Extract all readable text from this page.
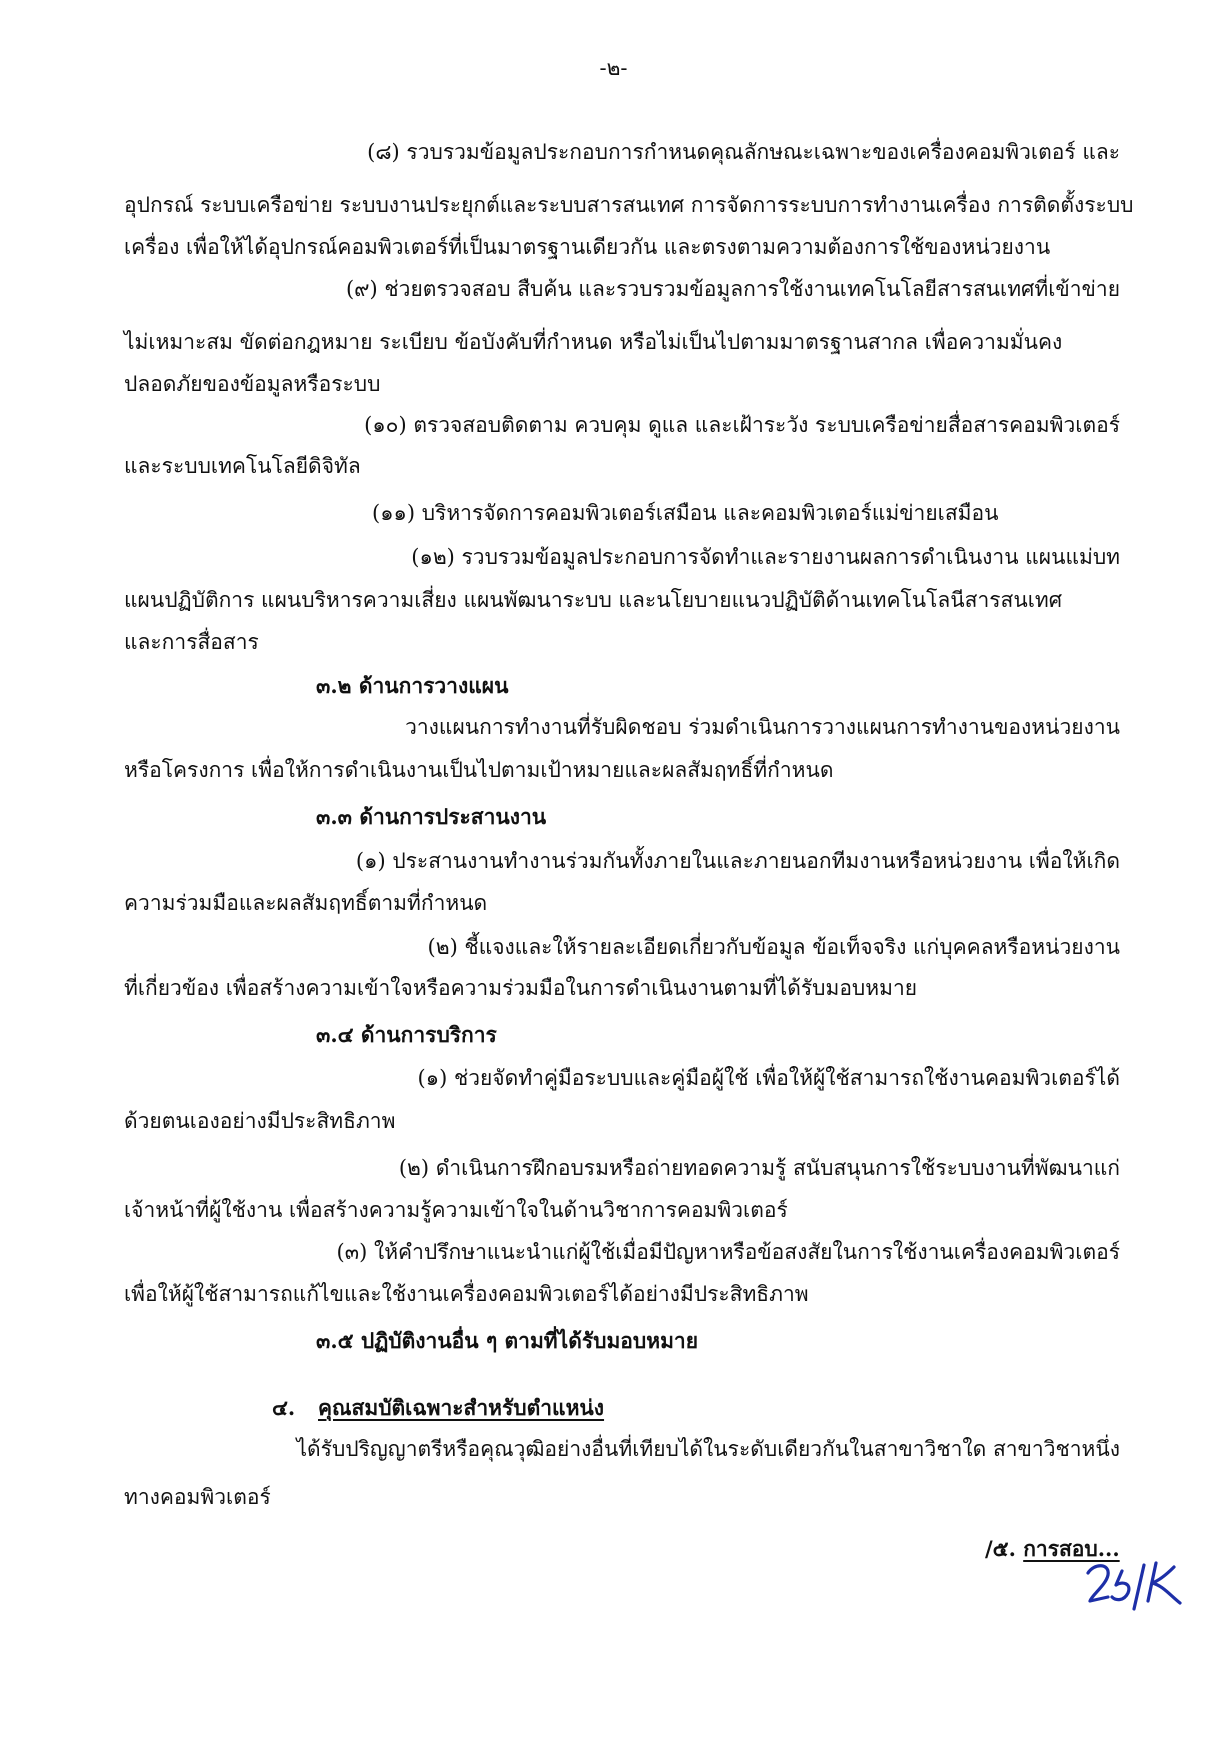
-๒-
(๘) รวบรวมข้อมูลประกอบการกำหนดคุณลักษณะเฉพาะของเครื่องคอมพิวเตอร์ และ
อุปกรณ์ ระบบเครือข่าย ระบบงานประยุกต์และระบบสารสนเทศ การจัดการระบบการทำงานเครื่อง การติดตั้งระบบ
เครื่อง เพื่อให้ได้อุปกรณ์คอมพิวเตอร์ที่เป็นมาตรฐานเดียวกัน และตรงตามความต้องการใช้ของหน่วยงาน
(๙) ช่วยตรวจสอบ สืบค้น และรวบรวมข้อมูลการใช้งานเทคโนโลยีสารสนเทศที่เข้าข่าย
ไม่เหมาะสม ขัดต่อกฎหมาย ระเบียบ ข้อบังคับที่กำหนด หรือไม่เป็นไปตามมาตรฐานสากล เพื่อความมั่นคง
ปลอดภัยของข้อมูลหรือระบบ
(๑๐) ตรวจสอบติดตาม ควบคุม ดูแล และเฝ้าระวัง ระบบเครือข่ายสื่อสารคอมพิวเตอร์
และระบบเทคโนโลยีดิจิทัล
(๑๑) บริหารจัดการคอมพิวเตอร์เสมือน และคอมพิวเตอร์แม่ข่ายเสมือน
(๑๒) รวบรวมข้อมูลประกอบการจัดทำและรายงานผลการดำเนินงาน แผนแม่บท
แผนปฏิบัติการ แผนบริหารความเสี่ยง แผนพัฒนาระบบ และนโยบายแนวปฏิบัติด้านเทคโนโลนีสารสนเทศ
และการสื่อสาร
๓.๒ ด้านการวางแผน
วางแผนการทำงานที่รับผิดชอบ ร่วมดำเนินการวางแผนการทำงานของหน่วยงาน
หรือโครงการ เพื่อให้การดำเนินงานเป็นไปตามเป้าหมายและผลสัมฤทธิ์ที่กำหนด
๓.๓ ด้านการประสานงาน
(๑) ประสานงานทำงานร่วมกันทั้งภายในและภายนอกทีมงานหรือหน่วยงาน เพื่อให้เกิด
ความร่วมมือและผลสัมฤทธิ์ตามที่กำหนด
(๒) ชี้แจงและให้รายละเอียดเกี่ยวกับข้อมูล ข้อเท็จจริง แก่บุคคลหรือหน่วยงาน
ที่เกี่ยวข้อง เพื่อสร้างความเข้าใจหรือความร่วมมือในการดำเนินงานตามที่ได้รับมอบหมาย
๓.๔ ด้านการบริการ
(๑) ช่วยจัดทำคู่มือระบบและคู่มือผู้ใช้ เพื่อให้ผู้ใช้สามารถใช้งานคอมพิวเตอร์ได้
ด้วยตนเองอย่างมีประสิทธิภาพ
(๒) ดำเนินการฝึกอบรมหรือถ่ายทอดความรู้ สนับสนุนการใช้ระบบงานที่พัฒนาแก่
เจ้าหน้าที่ผู้ใช้งาน เพื่อสร้างความรู้ความเข้าใจในด้านวิชาการคอมพิวเตอร์
(๓) ให้คำปรึกษาแนะนำแก่ผู้ใช้เมื่อมีปัญหาหรือข้อสงสัยในการใช้งานเครื่องคอมพิวเตอร์
เพื่อให้ผู้ใช้สามารถแก้ไขและใช้งานเครื่องคอมพิวเตอร์ได้อย่างมีประสิทธิภาพ
๓.๕ ปฏิบัติงานอื่น ๆ ตามที่ได้รับมอบหมาย
๔. คุณสมบัติเฉพาะสำหรับตำแหน่ง
ได้รับปริญญาตรีหรือคุณวุฒิอย่างอื่นที่เทียบได้ในระดับเดียวกันในสาขาวิชาใด สาขาวิชาหนึ่ง
ทางคอมพิวเตอร์
/๕. การสอบ...
